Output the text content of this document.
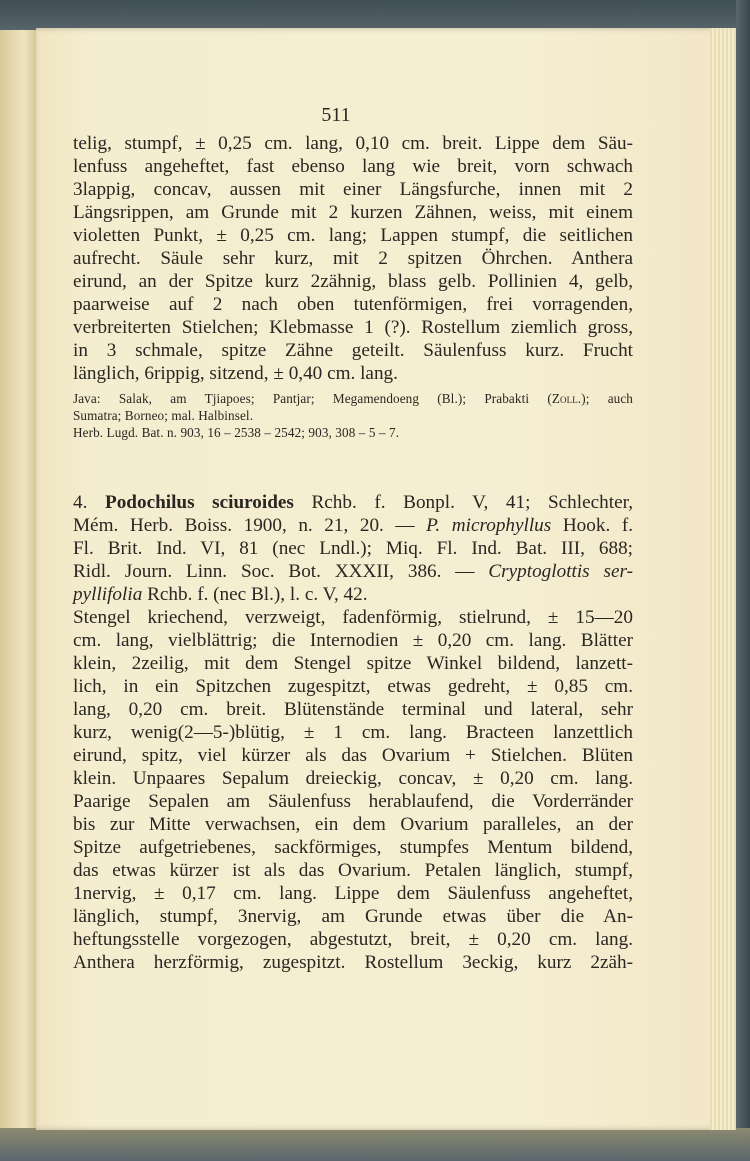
511
telig, stumpf, ± 0,25 cm. lang, 0,10 cm. breit. Lippe dem Säu-
lenfuss angeheftet, fast ebenso lang wie breit, vorn schwach
3lappig, concav, aussen mit einer Längsfurche, innen mit 2
Längsrippen, am Grunde mit 2 kurzen Zähnen, weiss, mit einem
violetten Punkt, ± 0,25 cm. lang; Lappen stumpf, die seitlichen
aufrecht. Säule sehr kurz, mit 2 spitzen Öhrchen. Anthera
eirund, an der Spitze kurz 2zähnig, blass gelb. Pollinien 4, gelb,
paarweise auf 2 nach oben tutenförmigen, frei vorragenden,
verbreiterten Stielchen; Klebmasse 1 (?). Rostellum ziemlich gross,
in 3 schmale, spitze Zähne geteilt. Säulenfuss kurz. Frucht
länglich, 6rippig, sitzend, ± 0,40 cm. lang.
Java: Salak, am Tjiapoes; Pantjar; Megamendoeng (Bl.); Prabakti (Zoll.); auch
Sumatra; Borneo; mal. Halbinsel.
Herb. Lugd. Bat. n. 903, 16 – 2538 – 2542; 903, 308 – 5 – 7.
4. Podochilus sciuroides Rchb. f. Bonpl. V, 41; Schlechter,
Mém. Herb. Boiss. 1900, n. 21, 20. — P. microphyllus Hook. f.
Fl. Brit. Ind. VI, 81 (nec Lndl.); Miq. Fl. Ind. Bat. III, 688;
Ridl. Journ. Linn. Soc. Bot. XXXII, 386. — Cryptoglottis ser-
pyllifolia Rchb. f. (nec Bl.), l. c. V, 42.
Stengel kriechend, verzweigt, fadenförmig, stielrund, ± 15—20
cm. lang, vielblättrig; die Internodien ± 0,20 cm. lang. Blätter
klein, 2zeilig, mit dem Stengel spitze Winkel bildend, lanzett-
lich, in ein Spitzchen zugespitzt, etwas gedreht, ± 0,85 cm.
lang, 0,20 cm. breit. Blütenstände terminal und lateral, sehr
kurz, wenig(2—5-)blütig, ± 1 cm. lang. Bracteen lanzettlich
eirund, spitz, viel kürzer als das Ovarium + Stielchen. Blüten
klein. Unpaares Sepalum dreieckig, concav, ± 0,20 cm. lang.
Paarige Sepalen am Säulenfuss herablaufend, die Vorderränder
bis zur Mitte verwachsen, ein dem Ovarium paralleles, an der
Spitze aufgetriebenes, sackförmiges, stumpfes Mentum bildend,
das etwas kürzer ist als das Ovarium. Petalen länglich, stumpf,
1nervig, ± 0,17 cm. lang. Lippe dem Säulenfuss angeheftet,
länglich, stumpf, 3nervig, am Grunde etwas über die An-
heftungsstelle vorgezogen, abgestutzt, breit, ± 0,20 cm. lang.
Anthera herzförmig, zugespitzt. Rostellum 3eckig, kurz 2zäh-
